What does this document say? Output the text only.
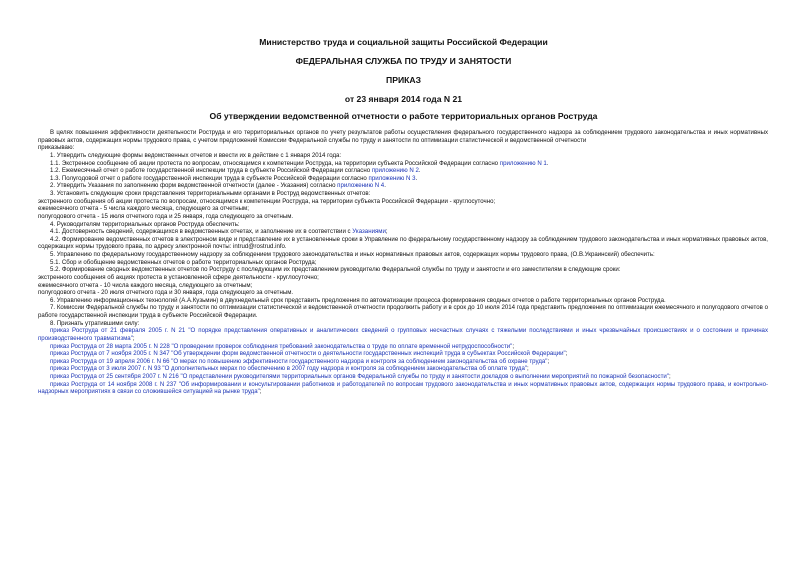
Министерство труда и социальной защиты Российской Федерации
ФЕДЕРАЛЬНАЯ СЛУЖБА ПО ТРУДУ И ЗАНЯТОСТИ
ПРИКАЗ
от 23 января 2014 года N 21
Об утверждении ведомственной отчетности о работе территориальных органов Роструда

В целях повышения эффективности деятельности Роструда и его территориальных органов по учету результатов работы осуществления федерального государственного надзора за соблюдением трудового законодательства и иных нормативных правовых актов, содержащих нормы трудового права, с учетом предложений Комиссии Федеральной службы по труду и занятости по оптимизации статистической и ведомственной отчетности

приказываю:

1. Утвердить следующие формы ведомственных отчетов и ввести их в действие с 1 января 2014 года:

1.1. Экстренное сообщение об акции протеста по вопросам, относящимся к компетенции Роструда, на территории субъекта Российской Федерации согласно приложению N 1.

1.2. Ежемесячный отчет о работе государственной инспекции труда в субъекте Российской Федерации согласно приложению N 2.

1.3. Полугодовой отчет о работе государственной инспекции труда в субъекте Российской Федерации согласно приложению N 3.

2. Утвердить Указания по заполнению форм ведомственной отчетности (далее - Указания) согласно приложению N 4.

3. Установить следующие сроки представления территориальными органами в Роструд ведомственных отчетов:

экстренного сообщения об акции протеста по вопросам, относящимся к компетенции Роструда, на территории субъекта Российской Федерации - круглосуточно;

ежемесячного отчета - 5 числа каждого месяца, следующего за отчетным;

полугодового отчета - 15 июля отчетного года и 25 января, года следующего за отчетным.

4. Руководителям территориальных органов Роструда обеспечить:

4.1. Достоверность сведений, содержащихся в ведомственных отчетах, и заполнение их в соответствии с Указаниями;

4.2. Формирование ведомственных отчетов в электронном виде и представление их в установленные сроки в Управление по федеральному государственному надзору за соблюдением трудового законодательства и иных нормативных правовых актов, содержащих нормы трудового права, по адресу электронной почты: intrud@rostrud.info.

5. Управлению по федеральному государственному надзору за соблюдением трудового законодательства и иных нормативных правовых актов, содержащих нормы трудового права, (О.В.Украинский) обеспечить:

5.1. Сбор и обобщение ведомственных отчетов о работе территориальных органов Роструда;

5.2. Формирование сводных ведомственных отчетов по Роструду с последующим их представлением руководителю Федеральной службы по труду и занятости и его заместителям в следующие сроки:

экстренного сообщения об акциях протеста в установленной сфере деятельности - круглосуточно;

ежемесячного отчета - 10 числа каждого месяца, следующего за отчетным;

полугодового отчета - 20 июля отчетного года и 30 января, года следующего за отчетным.

6. Управлению информационных технологий (А.А.Кузьмин) в двухнедельный срок представить предложения по автоматизации процесса формирования сводных отчетов о работе территориальных органов Роструда.

7. Комиссии Федеральной службы по труду и занятости по оптимизации статистической и ведомственной отчетности продолжить работу и в срок до 10 июля 2014 года представить предложения по оптимизации ежемесячного и полугодового отчетов о работе государственной инспекции труда в субъекте Российской Федерации.

8. Признать утратившими силу:

приказ Роструда от 21 февраля 2005 г. N 21 "О порядке представления оперативных и аналитических сведений о групповых несчастных случаях с тяжелыми последствиями и иных чрезвычайных происшествиях и о состоянии и причинах производственного травматизма";

приказ Роструда от 28 марта 2005 г. N 228 "О проведении проверок соблюдения требований законодательства о труде по оплате временной нетрудоспособности";

приказ Роструда от 7 ноября 2005 г. N 347 "Об утверждении форм ведомственной отчетности о деятельности государственных инспекций труда в субъектах Российской Федерации";

приказ Роструда от 19 апреля 2006 г. N 66 "О мерах по повышению эффективности государственного надзора и контроля за соблюдением законодательства об охране труда";

приказ Роструда от 3 июля 2007 г. N 93 "О дополнительных мерах по обеспечению в 2007 году надзора и контроля за соблюдением законодательства об оплате труда";

приказ Роструда от 25 сентября 2007 г. N 216 "О представлении руководителями территориальных органов Федеральной службы по труду и занятости докладов о выполнении мероприятий по пожарной безопасности";

приказ Роструда от 14 ноября 2008 г. N 237 "Об информировании и консультировании работников и работодателей по вопросам трудового законодательства и иных нормативных правовых актов, содержащих нормы трудового права, и контрольно-надзорных мероприятиях в связи со сложившейся ситуацией на рынке труда";
